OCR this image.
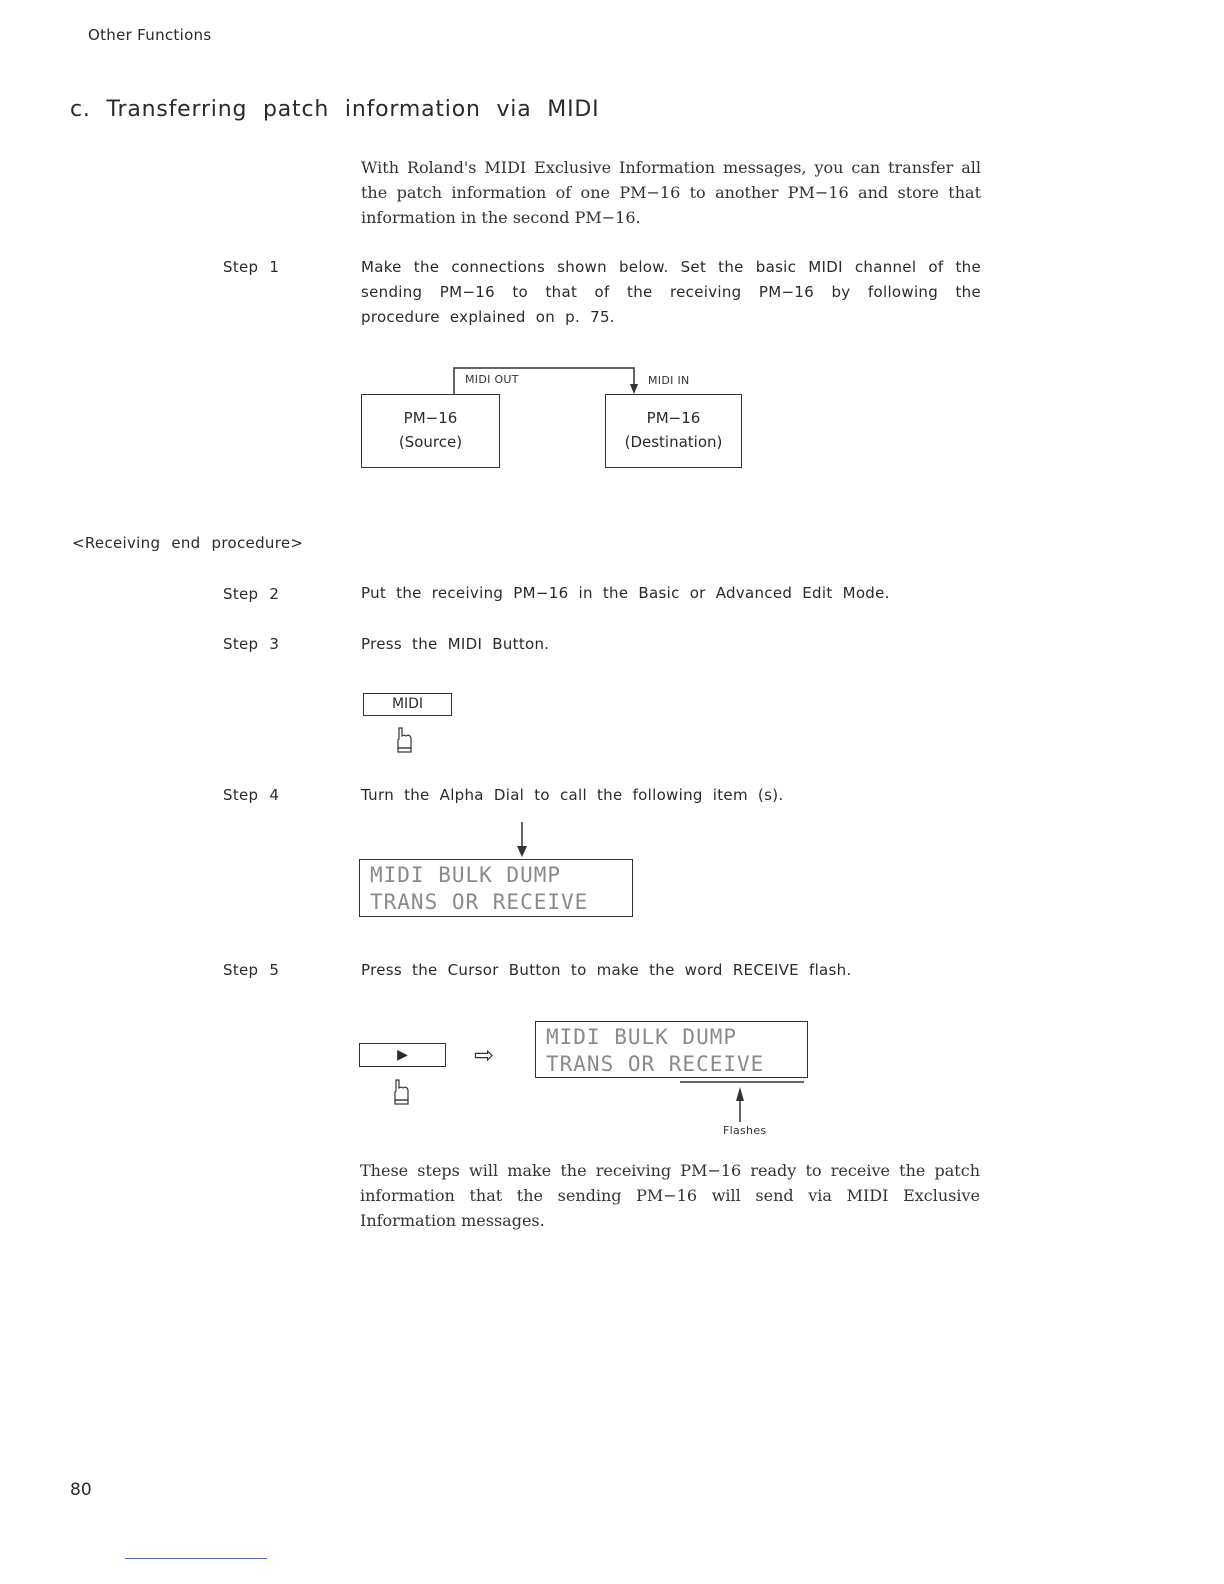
Other Functions
c. Transferring patch information via MIDI
With Roland's MIDI Exclusive Information messages, you can transfer all the patch information of one PM−16 to another PM−16 and store that information in the second PM−16.
Step 1	Make the connections shown below. Set the basic MIDI channel of the sending PM−16 to that of the receiving PM−16 by following the procedure explained on p. 75.
MIDI OUT	MIDI IN
PM−16
(Source)
PM−16
(Destination)
<Receiving end procedure>
Step 2	Put the receiving PM−16 in the Basic or Advanced Edit Mode.
Step 3	Press the MIDI Button.
MIDI
Step 4	Turn the Alpha Dial to call the following item (s).
MIDI BULK DUMP
TRANS OR RECEIVE
Step 5	Press the Cursor Button to make the word RECEIVE flash.
▶	⇨
MIDI BULK DUMP
TRANS OR RECEIVE
Flashes
These steps will make the receiving PM−16 ready to receive the patch information that the sending PM−16 will send via MIDI Exclusive Information messages.
80
